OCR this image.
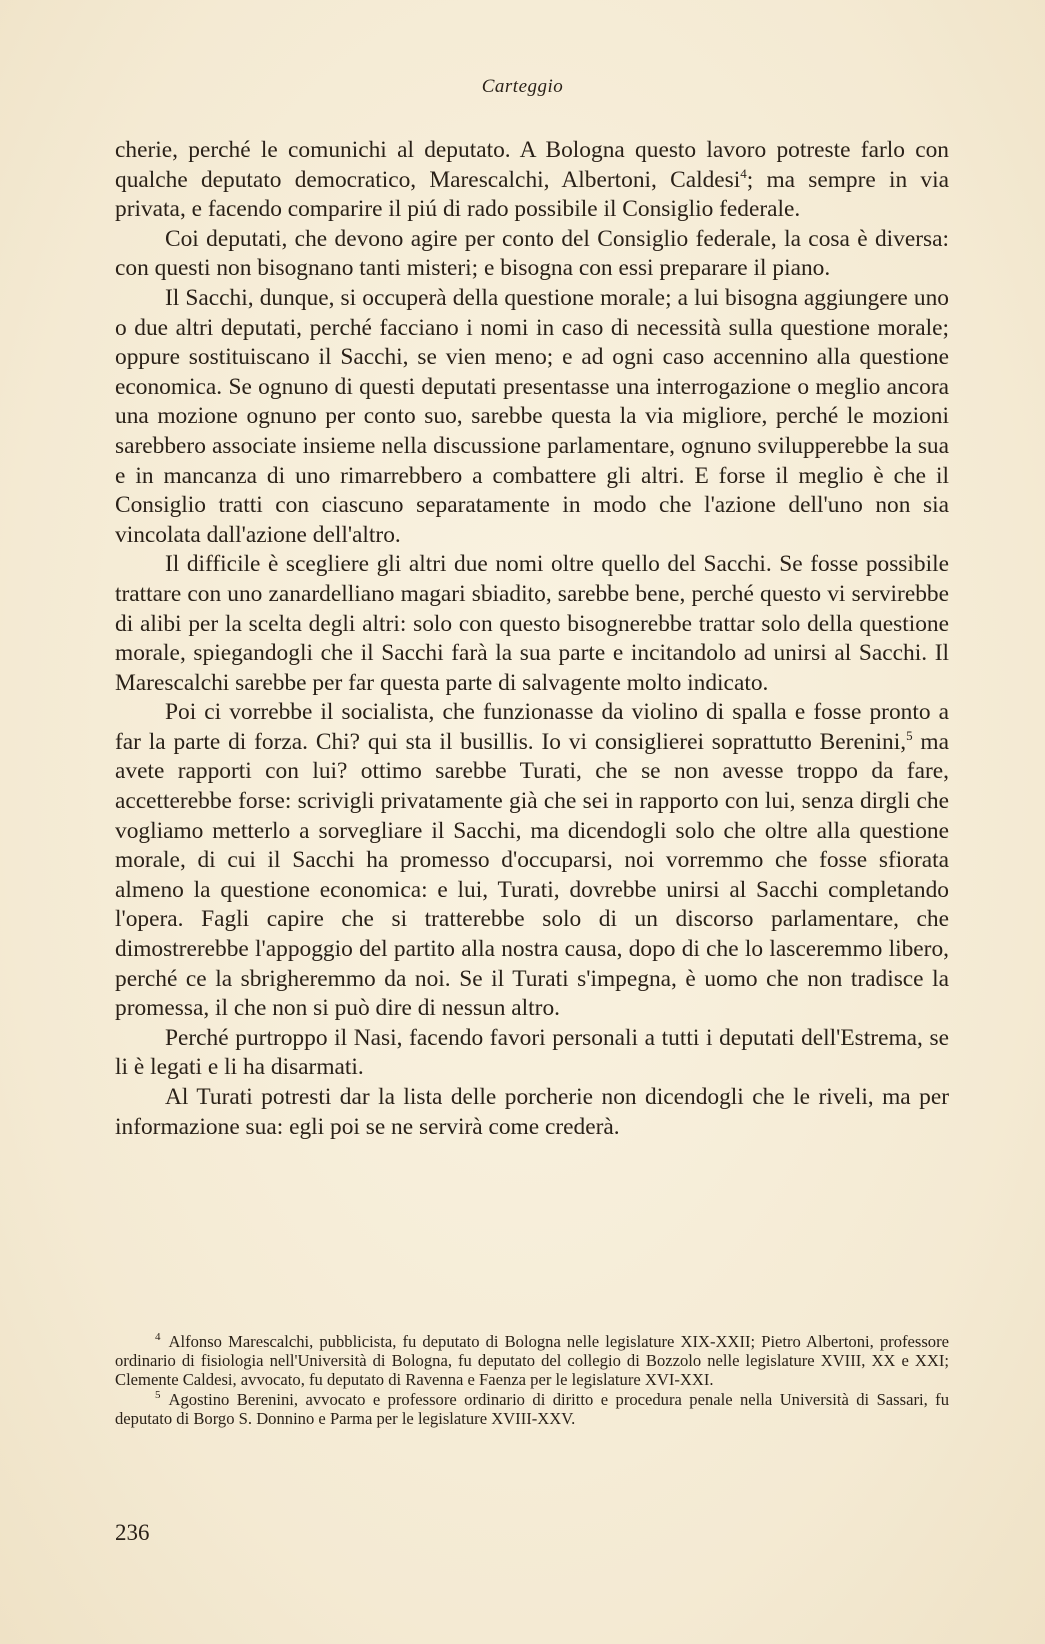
Carteggio

cherie, perché le comunichi al deputato. A Bologna questo lavoro potreste farlo con qualche deputato democratico, Marescalchi, Albertoni, Caldesi$^4$; ma sempre in via privata, e facendo comparire il piú di rado possibile il Consiglio federale.

Coi deputati, che devono agire per conto del Consiglio federale, la cosa è diversa: con questi non bisognano tanti misteri; e bisogna con essi preparare il piano.

Il Sacchi, dunque, si occuperà della questione morale; a lui bisogna aggiungere uno o due altri deputati, perché facciano i nomi in caso di necessità sulla questione morale; oppure sostituiscano il Sacchi, se vien meno; e ad ogni caso accennino alla questione economica. Se ognuno di questi deputati presentasse una interrogazione o meglio ancora una mozione ognuno per conto suo, sarebbe questa la via migliore, perché le mozioni sarebbero associate insieme nella discussione parlamentare, ognuno svilupperebbe la sua e in mancanza di uno rimarrebbero a combattere gli altri. E forse il meglio è che il Consiglio tratti con ciascuno separatamente in modo che l'azione dell'uno non sia vincolata dall'azione dell'altro.

Il difficile è scegliere gli altri due nomi oltre quello del Sacchi. Se fosse possibile trattare con uno zanardelliano magari sbiadito, sarebbe bene, perché questo vi servirebbe di alibi per la scelta degli altri: solo con questo bisognerebbe trattar solo della questione morale, spiegandogli che il Sacchi farà la sua parte e incitandolo ad unirsi al Sacchi. Il Marescalchi sarebbe per far questa parte di salvagente molto indicato.

Poi ci vorrebbe il socialista, che funzionasse da violino di spalla e fosse pronto a far la parte di forza. Chi? qui sta il busillis. Io vi consiglierei soprattutto Berenini,$^5$ ma avete rapporti con lui? ottimo sarebbe Turati, che se non avesse troppo da fare, accetterebbe forse: scrivigli privatamente già che sei in rapporto con lui, senza dirgli che vogliamo metterlo a sorvegliare il Sacchi, ma dicendogli solo che oltre alla questione morale, di cui il Sacchi ha promesso d'occuparsi, noi vorremmo che fosse sfiorata almeno la questione economica: e lui, Turati, dovrebbe unirsi al Sacchi completando l'opera. Fagli capire che si tratterebbe solo di un discorso parlamentare, che dimostrerebbe l'appoggio del partito alla nostra causa, dopo di che lo lasceremmo libero, perché ce la sbrigheremmo da noi. Se il Turati s'impegna, è uomo che non tradisce la promessa, il che non si può dire di nessun altro.

Perché purtroppo il Nasi, facendo favori personali a tutti i deputati dell'Estrema, se li è legati e li ha disarmati.

Al Turati potresti dar la lista delle porcherie non dicendogli che le riveli, ma per informazione sua: egli poi se ne servirà come crederà.

$^4$ Alfonso Marescalchi, pubblicista, fu deputato di Bologna nelle legislature XIX-XXII; Pietro Albertoni, professore ordinario di fisiologia nell'Università di Bologna, fu deputato del collegio di Bozzolo nelle legislature XVIII, XX e XXI; Clemente Caldesi, avvocato, fu deputato di Ravenna e Faenza per le legislature XVI-XXI.

$^5$ Agostino Berenini, avvocato e professore ordinario di diritto e procedura penale nella Università di Sassari, fu deputato di Borgo S. Donnino e Parma per le legislature XVIII-XXV.

236
